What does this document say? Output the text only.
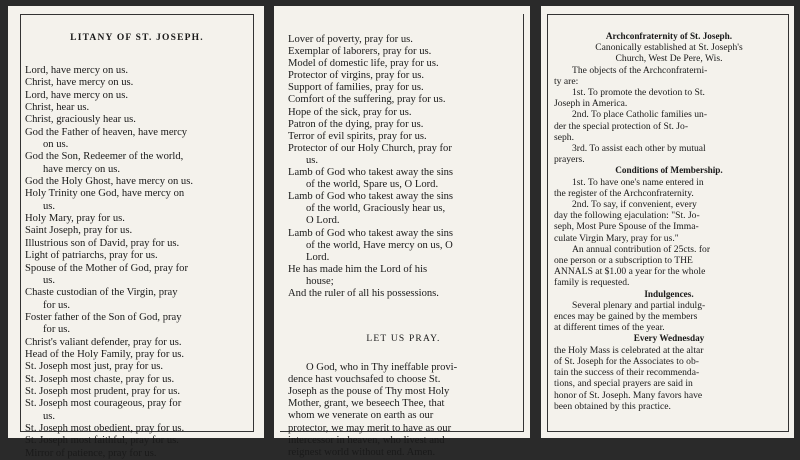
LITANY OF ST. JOSEPH.
Lord, have mercy on us.
Christ, have mercy on us.
Lord, have mercy on us.
Christ, hear us.
Christ, graciously hear us.
God the Father of heaven, have mercy
on us.
God the Son, Redeemer of the world,
have mercy on us.
God the Holy Ghost, have mercy on us.
Holy Trinity one God, have mercy on
us.
Holy Mary, pray for us.
Saint Joseph, pray for us.
Illustrious son of David, pray for us.
Light of patriarchs, pray for us.
Spouse of the Mother of God, pray for
us.
Chaste custodian of the Virgin, pray
for us.
Foster father of the Son of God, pray
for us.
Christ's valiant defender, pray for us.
Head of the Holy Family, pray for us.
St. Joseph most just, pray for us.
St. Joseph most chaste, pray for us.
St. Joseph most prudent, pray for us.
St. Joseph most courageous, pray for
us.
St. Joseph most obedient, pray for us.
St. Joseph most faithful, pray for us.
Mirror of patience, pray for us.
Lover of poverty, pray for us.
Exemplar of laborers, pray for us.
Model of domestic life, pray for us.
Protector of virgins, pray for us.
Support of families, pray for us.
Comfort of the suffering, pray for us.
Hope of the sick, pray for us.
Patron of the dying, pray for us.
Terror of evil spirits, pray for us.
Protector of our Holy Church, pray for
us.
Lamb of God who takest away the sins
of the world, Spare us, O Lord.
Lamb of God who takest away the sins
of the world, Graciously hear us,
O Lord.
Lamb of God who takest away the sins
of the world, Have mercy on us, O
Lord.
He has made him the Lord of his
house;
And the ruler of all his possessions.
LET US PRAY.
O God, who in Thy ineffable provi-
dence hast vouchsafed to choose St.
Joseph as the pouse of Thy most Holy
Mother, grant, we beseech Thee, that
whom we venerate on earth as our
protector, we may merit to have as our
intercessor in heaven, who livest and
reignest world without end. Amen.
Archconfraternity of St. Joseph.
Canonically established at St. Joseph's
Church, West De Pere, Wis.
The objects of the Archconfraterni-
ty are:
1st. To promote the devotion to St.
Joseph in America.
2nd. To place Catholic families un-
der the special protection of St. Jo-
seph.
3rd. To assist each other by mutual
prayers.
Conditions of Membership.
1st. To have one's name entered in
the register of the Archconfraternity.
2nd. To say, if convenient, every
day the following ejaculation: "St. Jo-
seph, Most Pure Spouse of the Imma-
culate Virgin Mary, pray for us."
An annual contribution of 25cts. for
one person or a subscription to THE
ANNALS at $1.00 a year for the whole
family is requested.
Indulgences.
Several plenary and partial indulg-
ences may be gained by the members
at different times of the year.
Every Wednesday
the Holy Mass is celebrated at the altar
of St. Joseph for the Associates to ob-
tain the success of their recommenda-
tions, and special prayers are said in
honor of St. Joseph. Many favors have
been obtained by this practice.
